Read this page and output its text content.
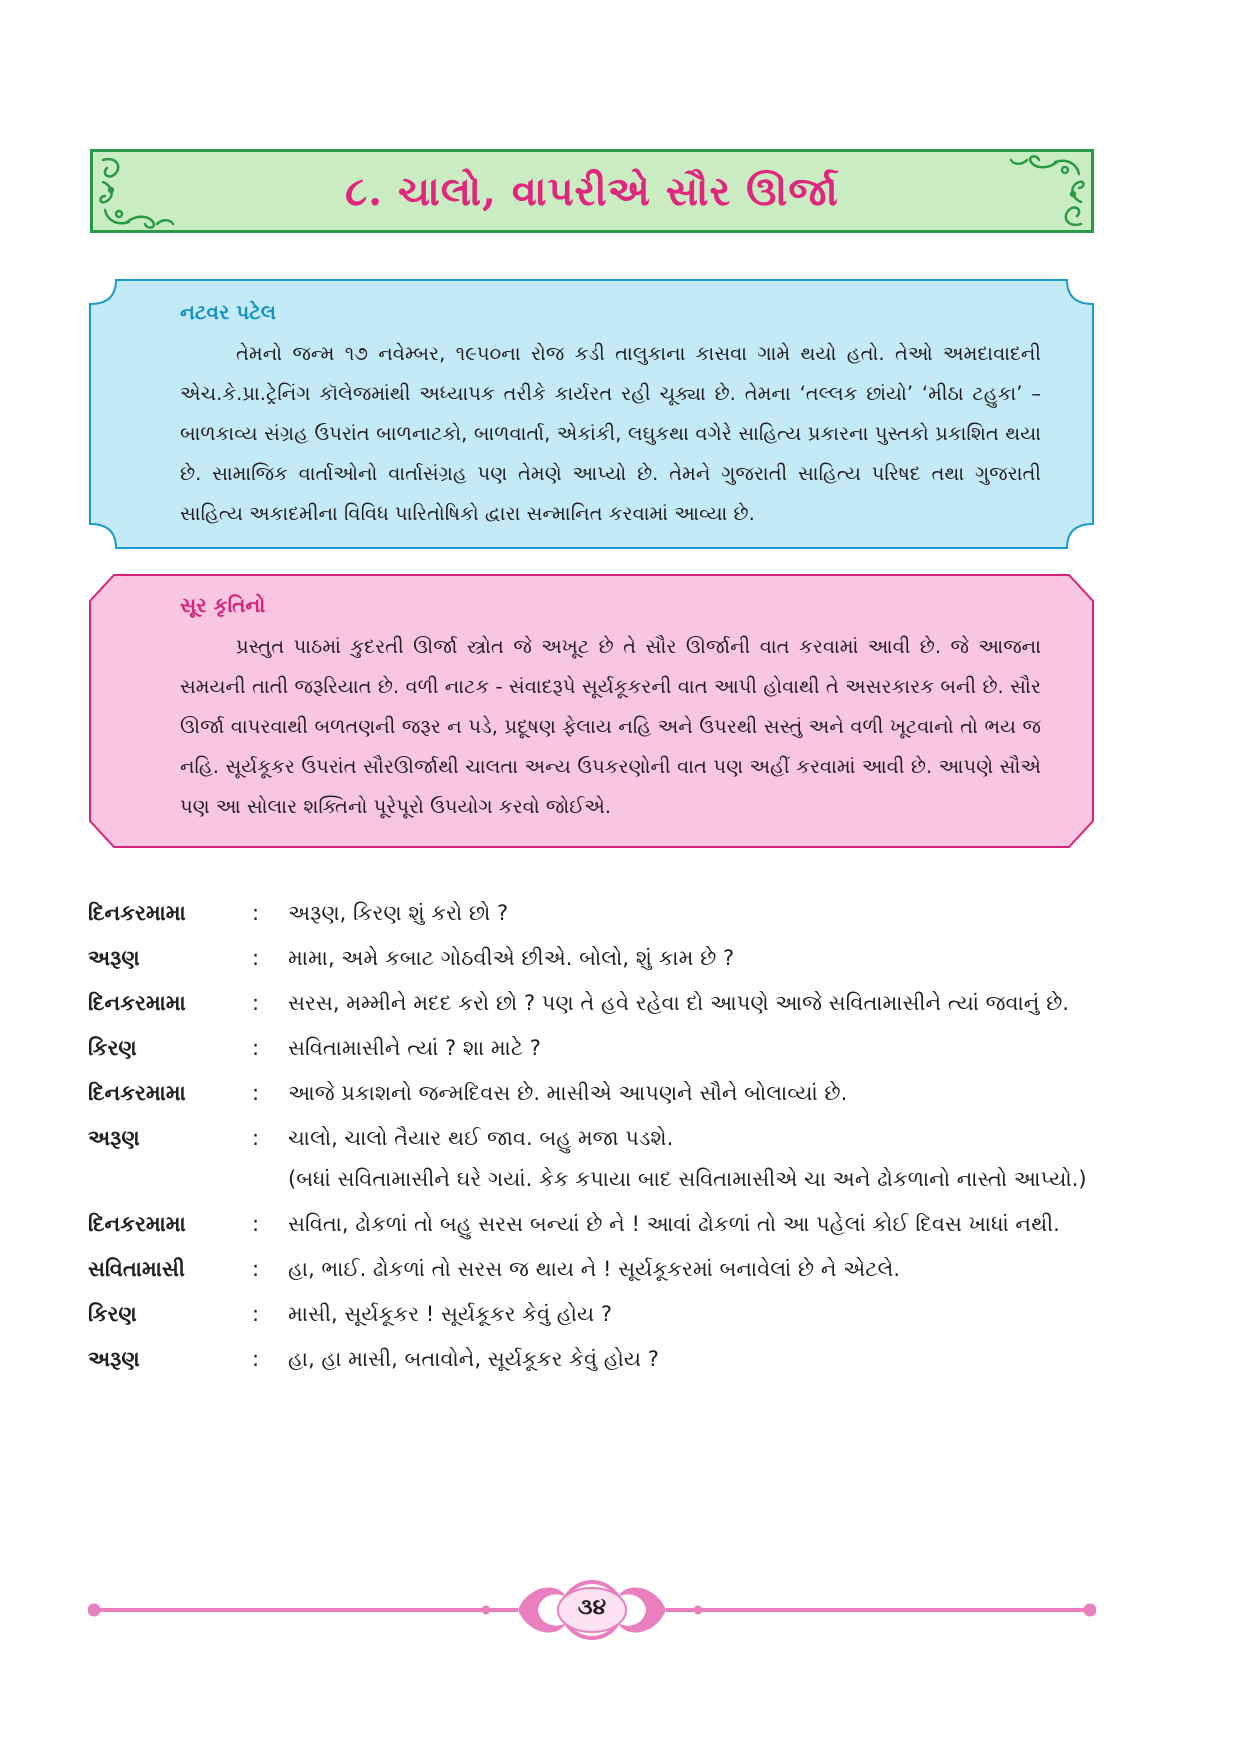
૮. ચાલો, વાપરીએ સૌર ઊર્જા
નટવર પટેલ
તેમનો જન્મ ૧૭ નવેમ્બર, ૧૯૫૦ના રોજ કડી તાલુકાના કાસવા ગામે થયો હતો. તેઓ અમદાવાદની એચ.કે.પ્રા.ટ્રેનિંગ કૉલેજમાંથી અધ્યાપક તરીકે કાર્યરત રહી ચૂક્યા છે. તેમના ‘તલ્લક છાંયો’ ‘મીઠા ટહુકા’ – બાળકાવ્ય સંગ્રહ ઉપરાંત બાળનાટકો, બાળવાર્તા, એકાંકી, લઘુકથા વગેરે સાહિત્ય પ્રકારના પુસ્તકો પ્રકાશિત થયા છે. સામાજિક વાર્તાઓનો વાર્તાસંગ્રહ પણ તેમણે આપ્યો છે. તેમને ગુજરાતી સાહિત્ય પરિષદ તથા ગુજરાતી સાહિત્ય અકાદમીના વિવિધ પારિતોષિકો દ્વારા સન્માનિત કરવામાં આવ્યા છે.
સૂર કૃતિનો
પ્રસ્તુત પાઠમાં કુદરતી ઊર્જા સ્ત્રોત જે અખૂટ છે તે સૌર ઊર્જાની વાત કરવામાં આવી છે. જે આજના સમયની તાતી જરૂરિયાત છે. વળી નાટક - સંવાદરૂપે સૂર્યકૂકરની વાત આપી હોવાથી તે અસરકારક બની છે. સૌર ઊર્જા વાપરવાથી બળતણની જરૂર ન પડે, પ્રદૂષણ ફેલાય નહિ અને ઉપરથી સસ્તું અને વળી ખૂટવાનો તો ભય જ નહિ. સૂર્યકૂકર ઉપરાંત સૌરઊર્જાથી ચાલતા અન્ય ઉપકરણોની વાત પણ અહીં કરવામાં આવી છે. આપણે સૌએ પણ આ સોલાર શક્તિનો પૂરેપૂરો ઉપયોગ કરવો જોઈએ.
દિનકરમામા	:	અરૂણ, કિરણ શું કરો છો ?
અરૂણ	:	મામા, અમે કબાટ ગોઠવીએ છીએ. બોલો, શું કામ છે ?
દિનકરમામા	:	સરસ, મમ્મીને મદદ કરો છો ? પણ તે હવે રહેવા દો આપણે આજે સવિતામાસીને ત્યાં જવાનું છે.
કિરણ	:	સવિતામાસીને ત્યાં ? શા માટે ?
દિનકરમામા	:	આજે પ્રકાશનો જન્મદિવસ છે. માસીએ આપણને સૌને બોલાવ્યાં છે.
અરૂણ	:	ચાલો, ચાલો તૈયાર થઈ જાવ. બહુ મજા પડશે.
(બધાં સવિતામાસીને ઘરે ગયાં. કેક કપાયા બાદ સવિતામાસીએ ચા અને ઢોકળાનો નાસ્તો આપ્યો.)
દિનકરમામા	:	સવિતા, ઢોકળાં તો બહુ સરસ બન્યાં છે ને ! આવાં ઢોકળાં તો આ પહેલાં કોઈ દિવસ ખાધાં નથી.
સવિતામાસી	:	હા, ભાઈ. ઢોકળાં તો સરસ જ થાય ને ! સૂર્યકૂકરમાં બનાવેલાં છે ને એટલે.
કિરણ	:	માસી, સૂર્યકૂકર ! સૂર્યકૂકર કેવું હોય ?
અરૂણ	:	હા, હા માસી, બતાવોને, સૂર્યકૂકર કેવું હોય ?
૩૪
